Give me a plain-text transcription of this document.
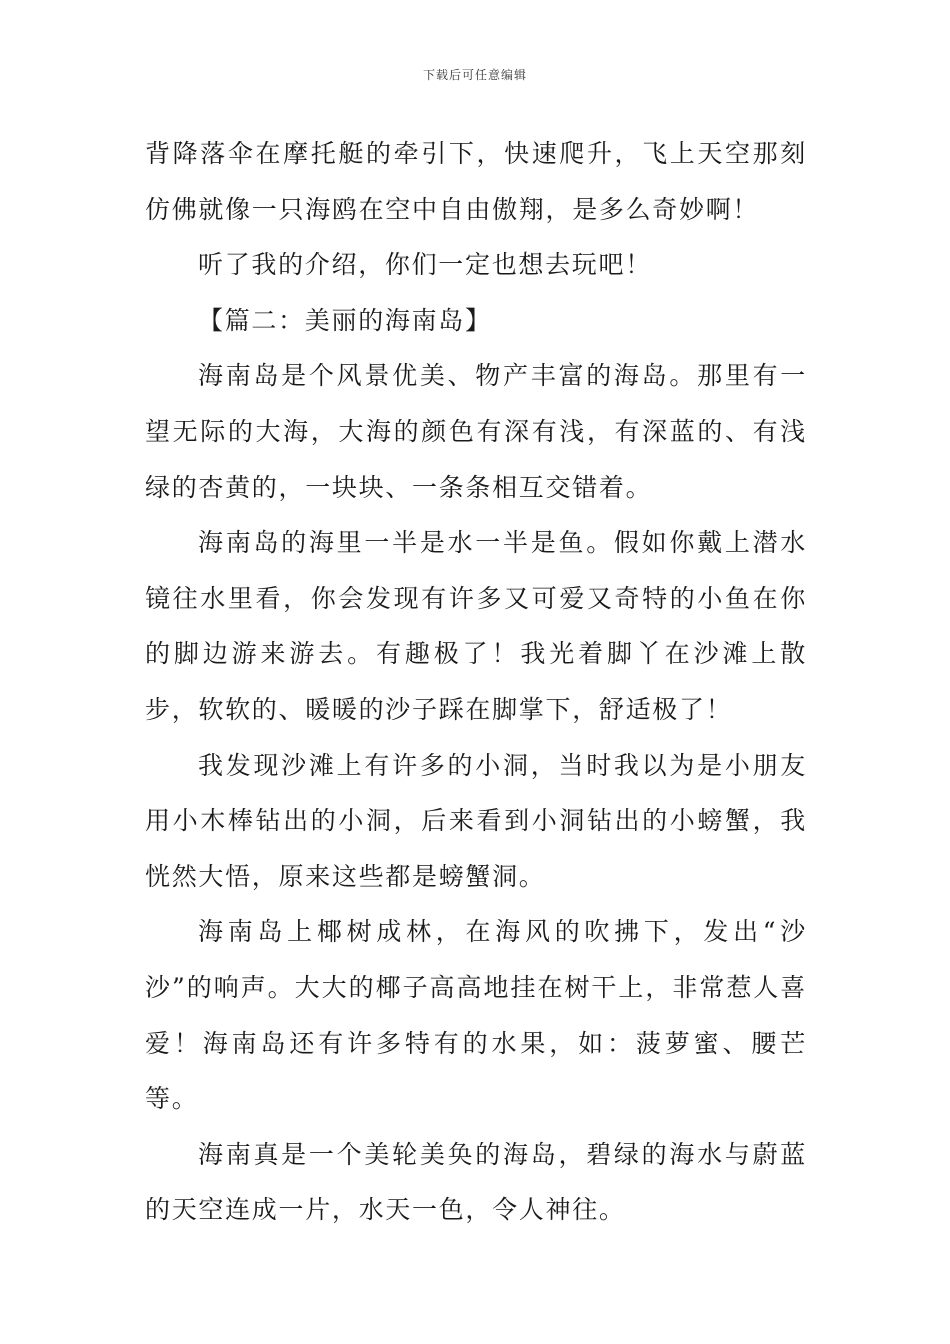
下载后可任意编辑

背降落伞在摩托艇的牵引下，快速爬升，飞上天空那刻仿佛就像一只海鸥在空中自由傲翔，是多么奇妙啊！

听了我的介绍，你们一定也想去玩吧！

【篇二：美丽的海南岛】

海南岛是个风景优美、物产丰富的海岛。那里有一望无际的大海，大海的颜色有深有浅，有深蓝的、有浅绿的杏黄的，一块块、一条条相互交错着。

海南岛的海里一半是水一半是鱼。假如你戴上潜水镜往水里看，你会发现有许多又可爱又奇特的小鱼在你的脚边游来游去。有趣极了！我光着脚丫在沙滩上散步，软软的、暖暖的沙子踩在脚掌下，舒适极了！

我发现沙滩上有许多的小洞，当时我以为是小朋友用小木棒钻出的小洞，后来看到小洞钻出的小螃蟹，我恍然大悟，原来这些都是螃蟹洞。

海南岛上椰树成林，在海风的吹拂下，发出“沙沙”的响声。大大的椰子高高地挂在树干上，非常惹人喜爱！海南岛还有许多特有的水果，如：菠萝蜜、腰芒等。

海南真是一个美轮美奂的海岛，碧绿的海水与蔚蓝的天空连成一片，水天一色，令人神往。
